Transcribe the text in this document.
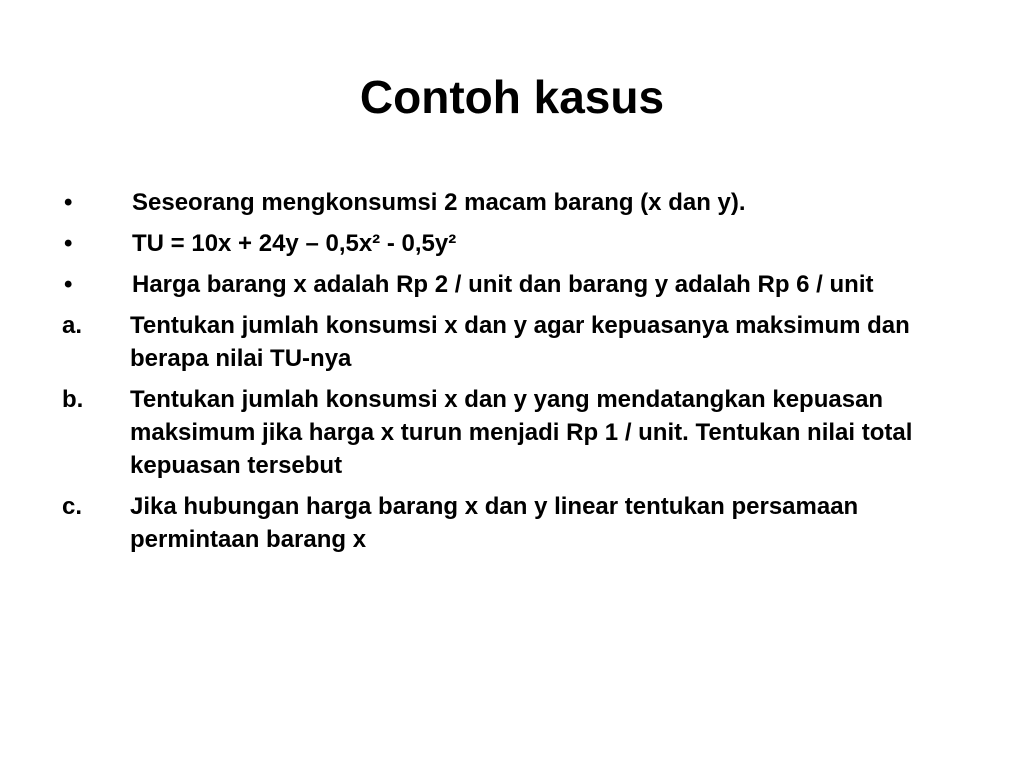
Contoh kasus
•	Seseorang mengkonsumsi 2 macam barang (x dan y).
•	TU = 10x + 24y – 0,5x² - 0,5y²
•	Harga barang x adalah Rp 2 / unit dan barang y adalah Rp 6 / unit
a.	Tentukan jumlah konsumsi x dan y agar kepuasanya maksimum dan berapa nilai TU-nya
b.	Tentukan jumlah konsumsi x dan y yang mendatangkan kepuasan maksimum jika harga x turun menjadi Rp 1 / unit. Tentukan nilai total kepuasan tersebut
c.	Jika hubungan harga barang x dan y linear tentukan persamaan permintaan barang x
